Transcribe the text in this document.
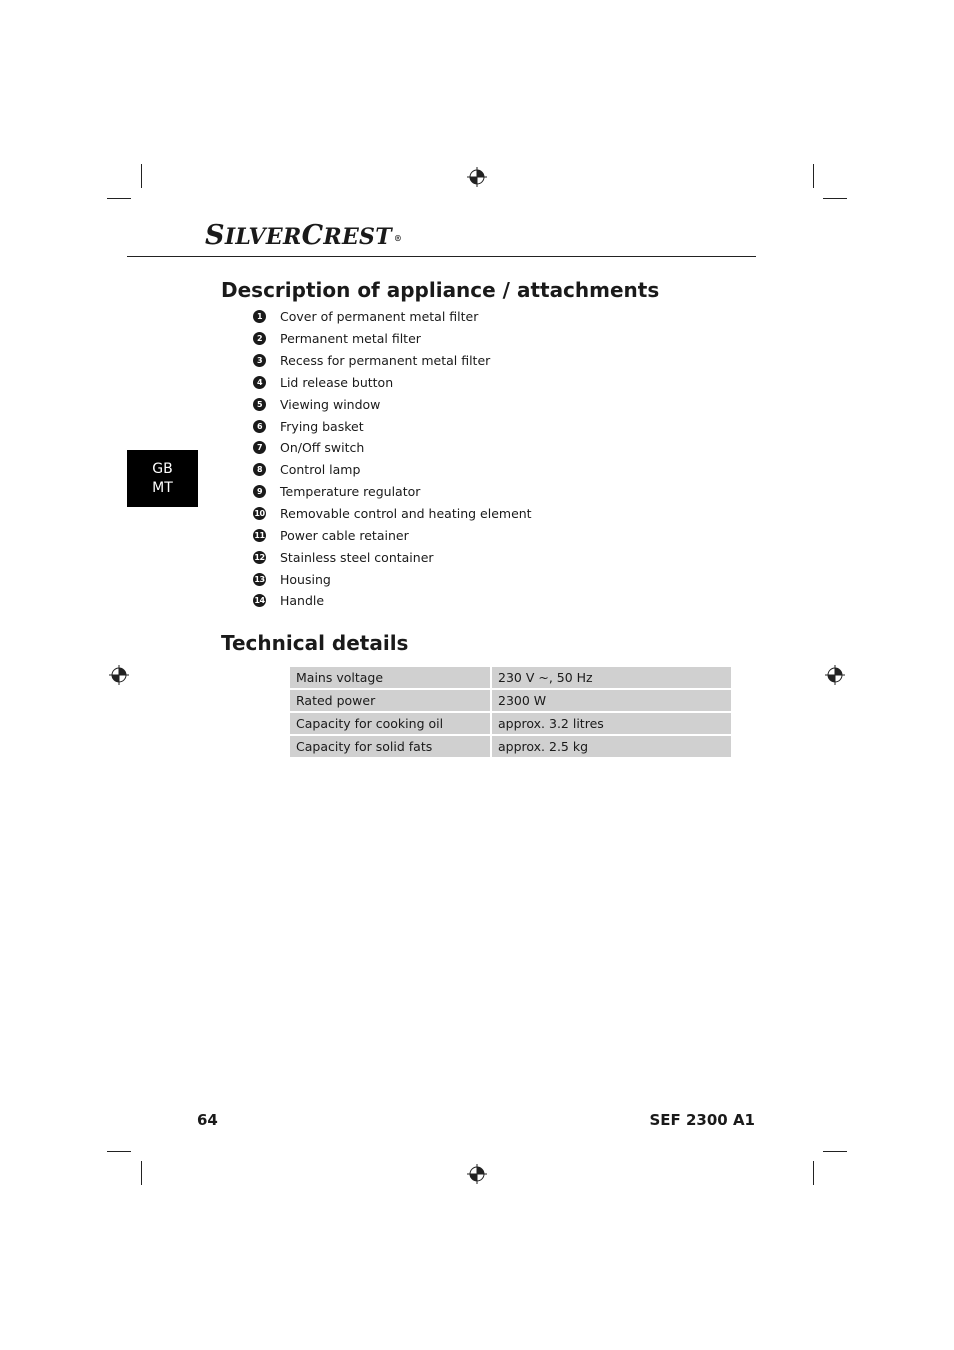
SILVERCREST ®
GB
MT
Description of appliance / attachments
1	Cover of permanent metal filter
2	Permanent metal filter
3	Recess for permanent metal filter
4	Lid release button
5	Viewing window
6	Frying basket
7	On/Off switch
8	Control lamp
9	Temperature regulator
10 Removable control and heating element
11 Power cable retainer
12 Stainless steel container
13 Housing
14 Handle
Technical details
Mains voltage	230 V ~, 50 Hz
Rated power	2300 W
Capacity for cooking oil	approx. 3.2 litres
Capacity for solid fats	approx. 2.5 kg
64	SEF 2300 A1
